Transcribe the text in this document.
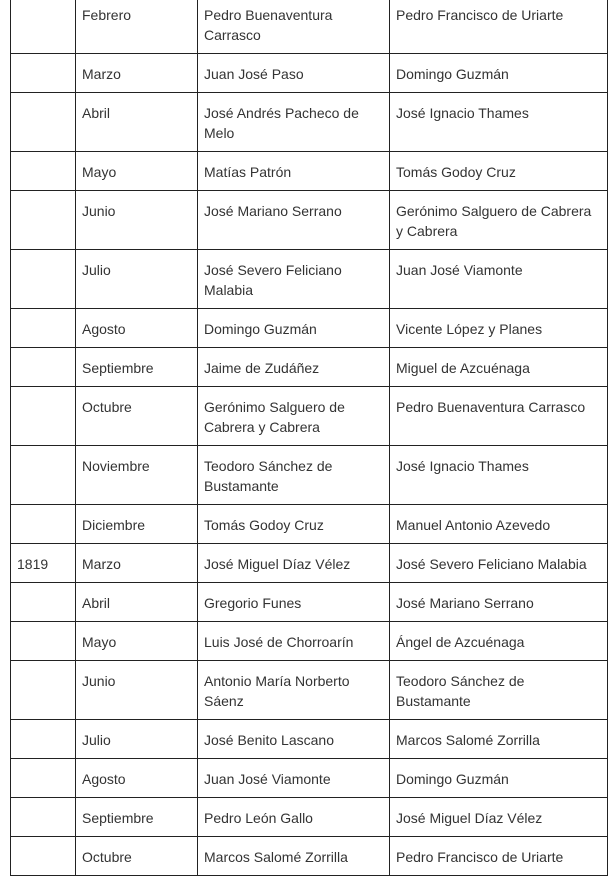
	Febrero	Pedro Buenaventura Carrasco	Pedro Francisco de Uriarte
	Marzo	Juan José Paso	Domingo Guzmán
	Abril	José Andrés Pacheco de Melo	José Ignacio Thames
	Mayo	Matías Patrón	Tomás Godoy Cruz
	Junio	José Mariano Serrano	Gerónimo Salguero de Cabrera y Cabrera
	Julio	José Severo Feliciano Malabia	Juan José Viamonte
	Agosto	Domingo Guzmán	Vicente López y Planes
	Septiembre	Jaime de Zudáñez	Miguel de Azcuénaga
	Octubre	Gerónimo Salguero de Cabrera y Cabrera	Pedro Buenaventura Carrasco
	Noviembre	Teodoro Sánchez de Bustamante	José Ignacio Thames
	Diciembre	Tomás Godoy Cruz	Manuel Antonio Azevedo
1819	Marzo	José Miguel Díaz Vélez	José Severo Feliciano Malabia
	Abril	Gregorio Funes	José Mariano Serrano
	Mayo	Luis José de Chorroarín	Ángel de Azcuénaga
	Junio	Antonio María Norberto Sáenz	Teodoro Sánchez de Bustamante
	Julio	José Benito Lascano	Marcos Salomé Zorrilla
	Agosto	Juan José Viamonte	Domingo Guzmán
	Septiembre	Pedro León Gallo	José Miguel Díaz Vélez
	Octubre	Marcos Salomé Zorrilla	Pedro Francisco de Uriarte
